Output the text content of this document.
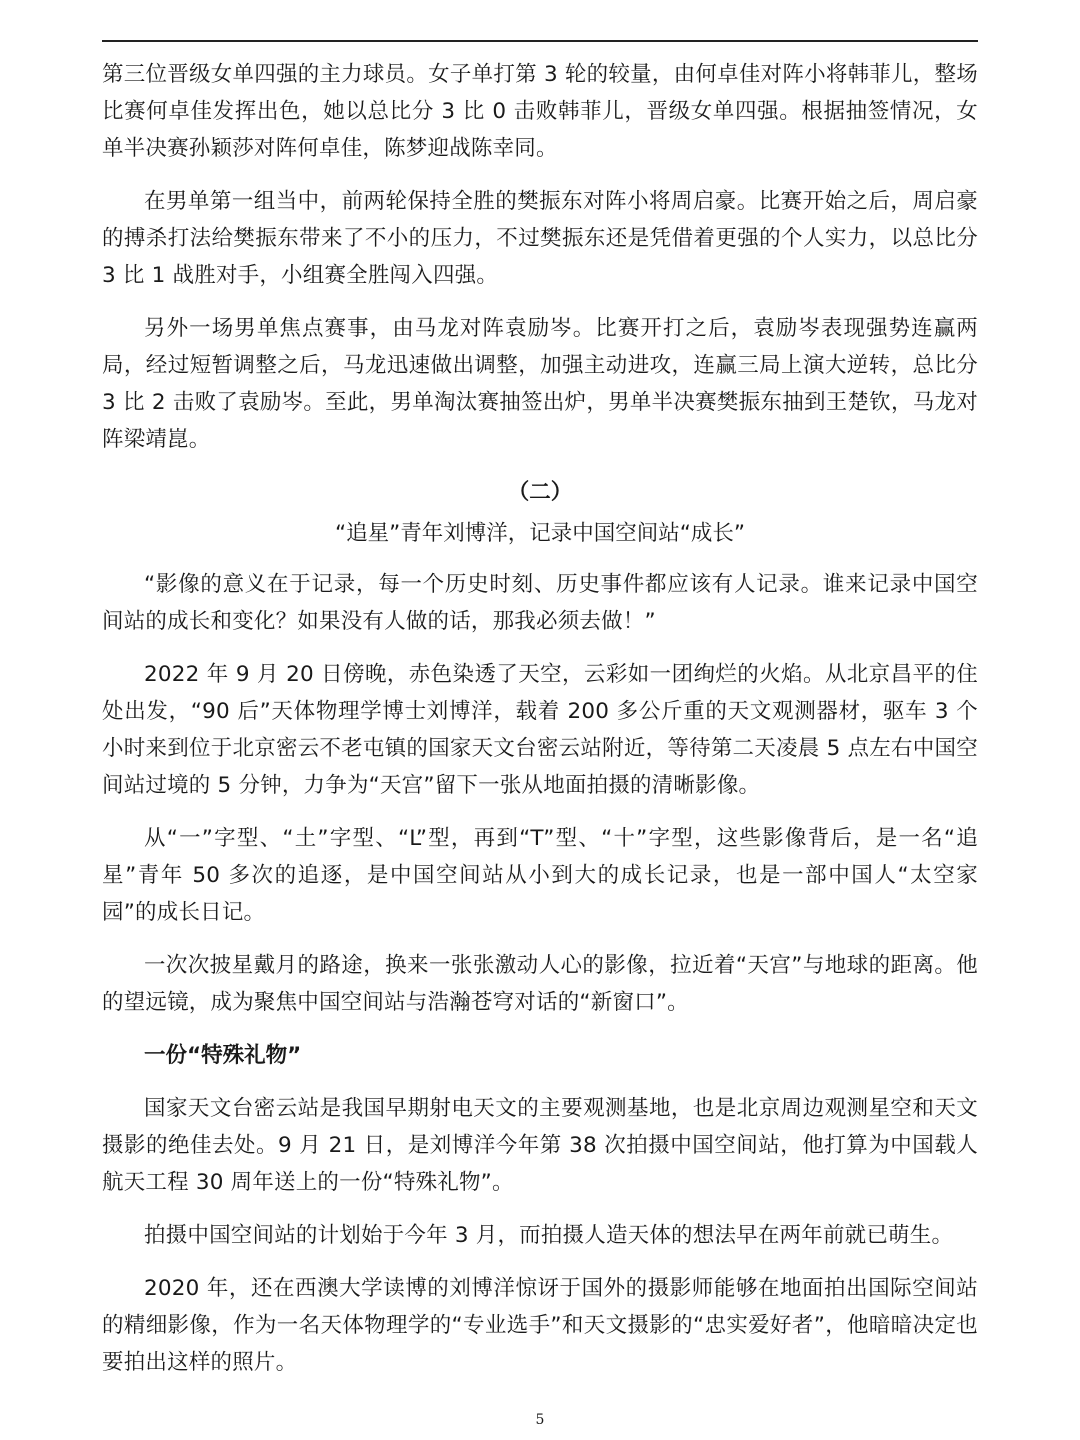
第三位晋级女单四强的主力球员。女子单打第 3 轮的较量，由何卓佳对阵小将韩菲儿，整场比赛何卓佳发挥出色，她以总比分 3 比 0 击败韩菲儿，晋级女单四强。根据抽签情况，女单半决赛孙颖莎对阵何卓佳，陈梦迎战陈幸同。

在男单第一组当中，前两轮保持全胜的樊振东对阵小将周启豪。比赛开始之后，周启豪的搏杀打法给樊振东带来了不小的压力，不过樊振东还是凭借着更强的个人实力，以总比分 3 比 1 战胜对手，小组赛全胜闯入四强。

另外一场男单焦点赛事，由马龙对阵袁励岑。比赛开打之后，袁励岑表现强势连赢两局，经过短暂调整之后，马龙迅速做出调整，加强主动进攻，连赢三局上演大逆转，总比分 3 比 2 击败了袁励岑。至此，男单淘汰赛抽签出炉，男单半决赛樊振东抽到王楚钦，马龙对阵梁靖崑。

（二）
“追星”青年刘博洋，记录中国空间站“成长”

“影像的意义在于记录，每一个历史时刻、历史事件都应该有人记录。谁来记录中国空间站的成长和变化？如果没有人做的话，那我必须去做！”

2022 年 9 月 20 日傍晚，赤色染透了天空，云彩如一团绚烂的火焰。从北京昌平的住处出发，“90 后”天体物理学博士刘博洋，载着 200 多公斤重的天文观测器材，驱车 3 个小时来到位于北京密云不老屯镇的国家天文台密云站附近，等待第二天凌晨 5 点左右中国空间站过境的 5 分钟，力争为“天宫”留下一张从地面拍摄的清晰影像。

从“一”字型、“土”字型、“L”型，再到“T”型、“十”字型，这些影像背后，是一名“追星”青年 50 多次的追逐，是中国空间站从小到大的成长记录，也是一部中国人“太空家园”的成长日记。

一次次披星戴月的路途，换来一张张激动人心的影像，拉近着“天宫”与地球的距离。他的望远镜，成为聚焦中国空间站与浩瀚苍穹对话的“新窗口”。

一份“特殊礼物”

国家天文台密云站是我国早期射电天文的主要观测基地，也是北京周边观测星空和天文摄影的绝佳去处。9 月 21 日，是刘博洋今年第 38 次拍摄中国空间站，他打算为中国载人航天工程 30 周年送上的一份“特殊礼物”。

拍摄中国空间站的计划始于今年 3 月，而拍摄人造天体的想法早在两年前就已萌生。

2020 年，还在西澳大学读博的刘博洋惊讶于国外的摄影师能够在地面拍出国际空间站的精细影像，作为一名天体物理学的“专业选手”和天文摄影的“忠实爱好者”，他暗暗决定也要拍出这样的照片。

5
